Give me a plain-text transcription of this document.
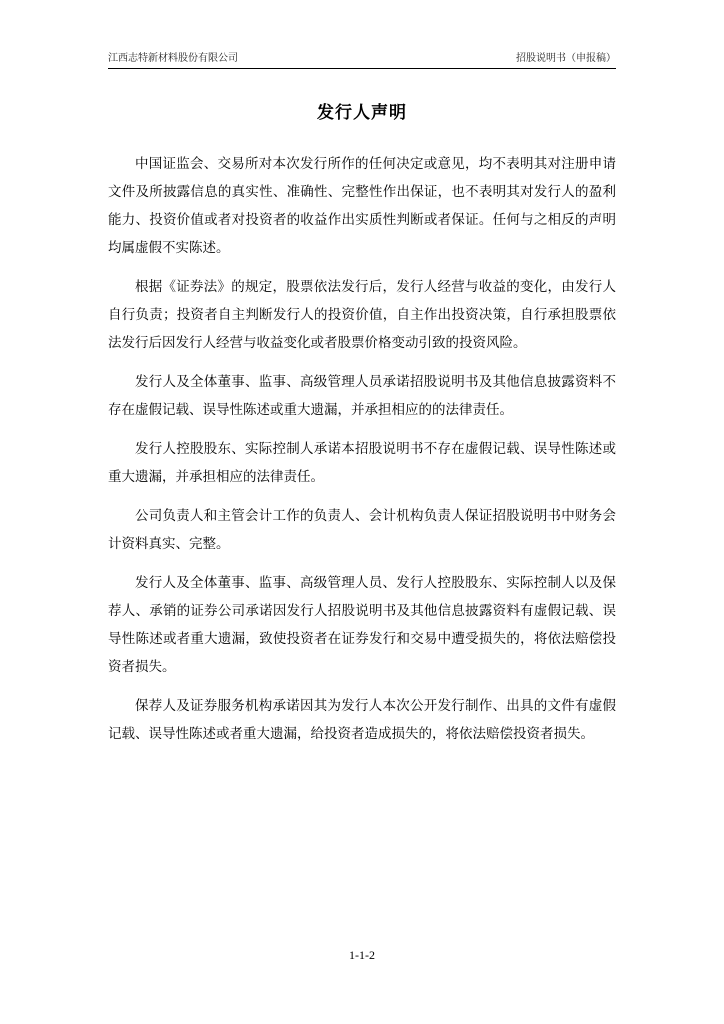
江西志特新材料股份有限公司	招股说明书（申报稿）
发行人声明

中国证监会、交易所对本次发行所作的任何决定或意见，均不表明其对注册申请文件及所披露信息的真实性、准确性、完整性作出保证，也不表明其对发行人的盈利能力、投资价值或者对投资者的收益作出实质性判断或者保证。任何与之相反的声明均属虚假不实陈述。

根据《证券法》的规定，股票依法发行后，发行人经营与收益的变化，由发行人自行负责；投资者自主判断发行人的投资价值，自主作出投资决策，自行承担股票依法发行后因发行人经营与收益变化或者股票价格变动引致的投资风险。

发行人及全体董事、监事、高级管理人员承诺招股说明书及其他信息披露资料不存在虚假记载、误导性陈述或重大遗漏，并承担相应的的法律责任。

发行人控股股东、实际控制人承诺本招股说明书不存在虚假记载、误导性陈述或重大遗漏，并承担相应的法律责任。

公司负责人和主管会计工作的负责人、会计机构负责人保证招股说明书中财务会计资料真实、完整。

发行人及全体董事、监事、高级管理人员、发行人控股股东、实际控制人以及保荐人、承销的证券公司承诺因发行人招股说明书及其他信息披露资料有虚假记载、误导性陈述或者重大遗漏，致使投资者在证券发行和交易中遭受损失的，将依法赔偿投资者损失。

保荐人及证券服务机构承诺因其为发行人本次公开发行制作、出具的文件有虚假记载、误导性陈述或者重大遗漏，给投资者造成损失的，将依法赔偿投资者损失。

1-1-2
